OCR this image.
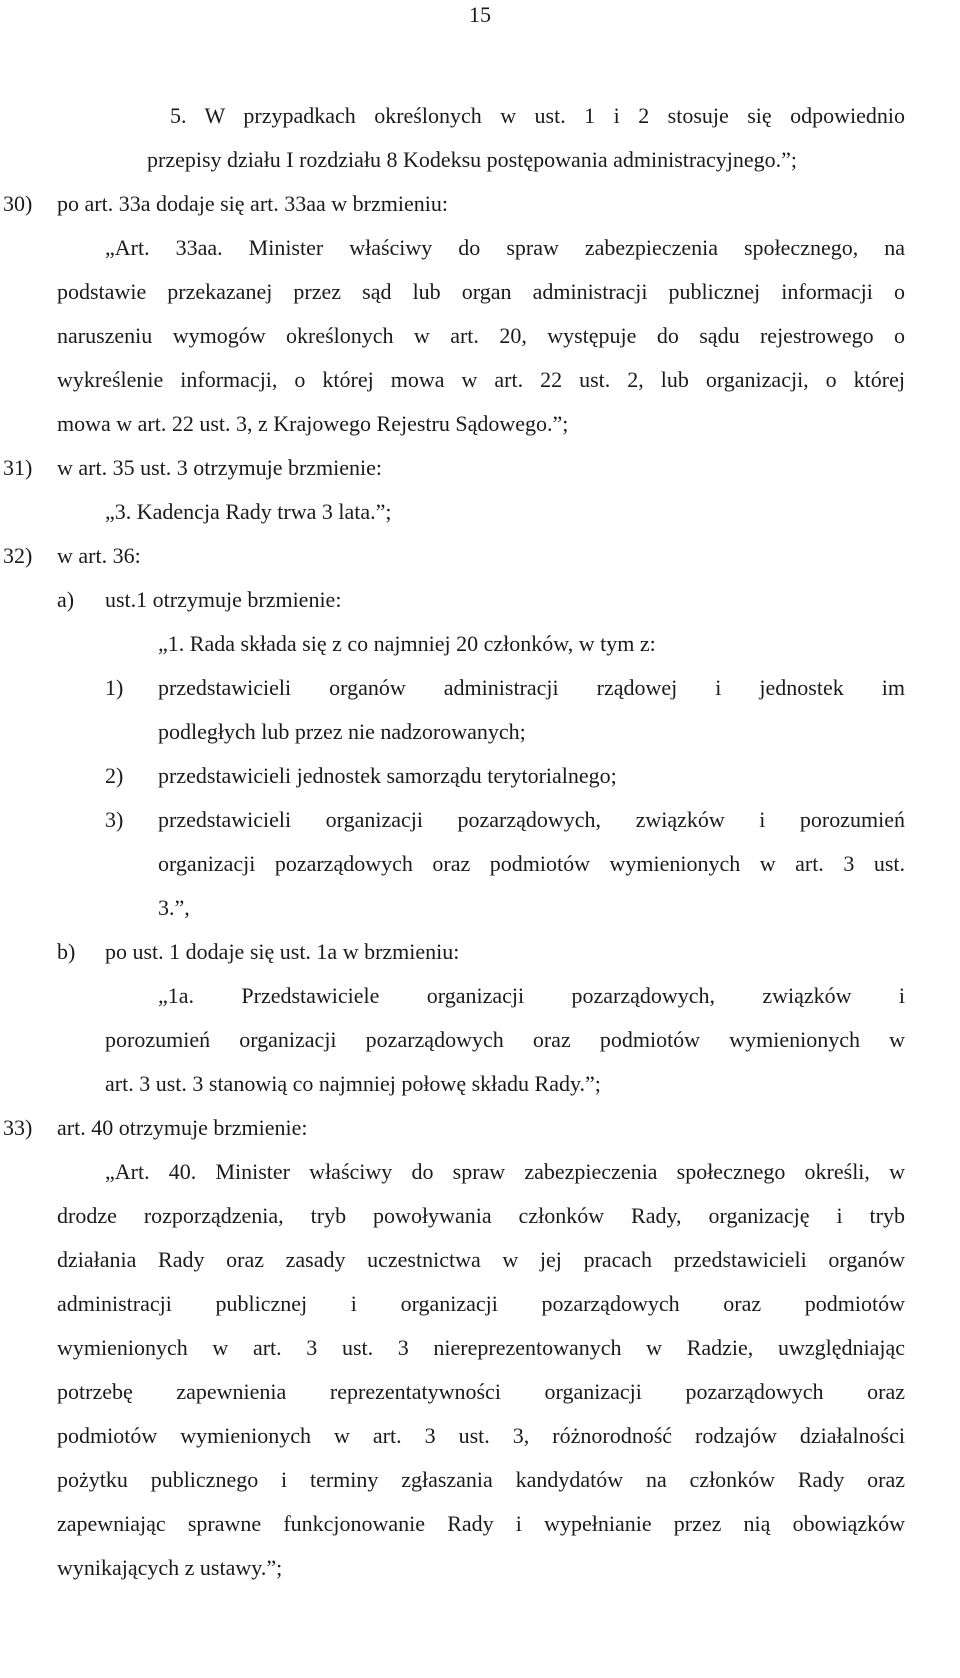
15
5. W przypadkach określonych w ust. 1 i 2 stosuje się odpowiednio
przepisy działu I rozdziału 8 Kodeksu postępowania administracyjnego.”;
30) po art. 33a dodaje się art. 33aa w brzmieniu:
„Art. 33aa. Minister właściwy do spraw zabezpieczenia społecznego, na
podstawie przekazanej przez sąd lub organ administracji publicznej informacji o
naruszeniu wymogów określonych w art. 20, występuje do sądu rejestrowego o
wykreślenie informacji, o której mowa w art. 22 ust. 2, lub organizacji, o której
mowa w art. 22 ust. 3, z Krajowego Rejestru Sądowego.”;
31) w art. 35 ust. 3 otrzymuje brzmienie:
„3. Kadencja Rady trwa 3 lata.”;
32) w art. 36:
a) ust.1 otrzymuje brzmienie:
„1. Rada składa się z co najmniej 20 członków, w tym z:
1) przedstawicieli organów administracji rządowej i jednostek im
podległych lub przez nie nadzorowanych;
2) przedstawicieli jednostek samorządu terytorialnego;
3) przedstawicieli organizacji pozarządowych, związków i porozumień
organizacji pozarządowych oraz podmiotów wymienionych w art. 3 ust.
3.”,
b) po ust. 1 dodaje się ust. 1a w brzmieniu:
„1a. Przedstawiciele organizacji pozarządowych, związków i
porozumień organizacji pozarządowych oraz podmiotów wymienionych w
art. 3 ust. 3 stanowią co najmniej połowę składu Rady.”;
33) art. 40 otrzymuje brzmienie:
„Art. 40. Minister właściwy do spraw zabezpieczenia społecznego określi, w
drodze rozporządzenia, tryb powoływania członków Rady, organizację i tryb
działania Rady oraz zasady uczestnictwa w jej pracach przedstawicieli organów
administracji publicznej i organizacji pozarządowych oraz podmiotów
wymienionych w art. 3 ust. 3 niereprezentowanych w Radzie, uwzględniając
potrzebę zapewnienia reprezentatywności organizacji pozarządowych oraz
podmiotów wymienionych w art. 3 ust. 3, różnorodność rodzajów działalności
pożytku publicznego i terminy zgłaszania kandydatów na członków Rady oraz
zapewniając sprawne funkcjonowanie Rady i wypełnianie przez nią obowiązków
wynikających z ustawy.”;
